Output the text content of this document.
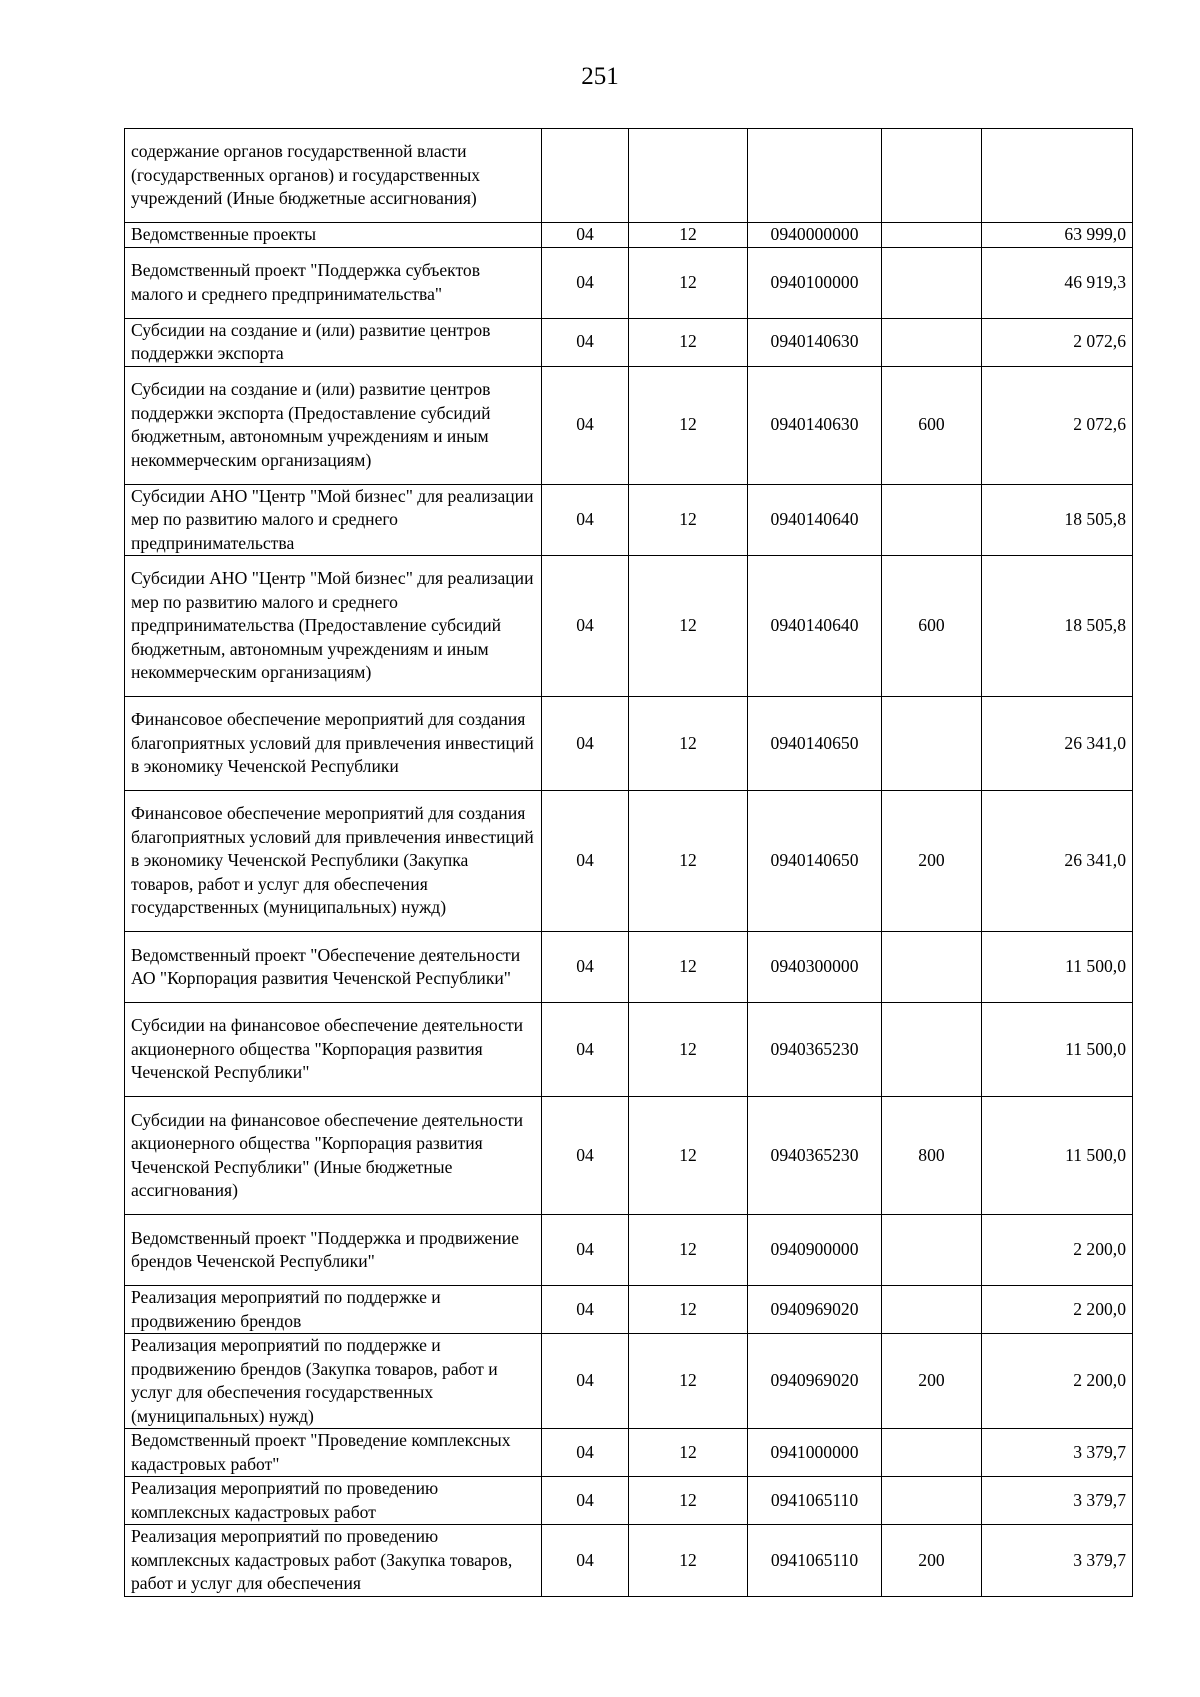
251
содержание органов государственной власти (государственных органов) и государственных учреждений (Иные бюджетные ассигнования)					
Ведомственные проекты	04	12	0940000000		63 999,0
Ведомственный проект "Поддержка субъектов малого и среднего предпринимательства"	04	12	0940100000		46 919,3
Субсидии на создание и (или) развитие центров поддержки экспорта	04	12	0940140630		2 072,6
Субсидии на создание и (или) развитие центров поддержки экспорта (Предоставление субсидий бюджетным, автономным учреждениям и иным некоммерческим организациям)	04	12	0940140630	600	2 072,6
Субсидии АНО "Центр "Мой бизнес" для реализации мер по развитию малого и среднего предпринимательства	04	12	0940140640		18 505,8
Субсидии АНО "Центр "Мой бизнес" для реализации мер по развитию малого и среднего предпринимательства (Предоставление субсидий бюджетным, автономным учреждениям и иным некоммерческим организациям)	04	12	0940140640	600	18 505,8
Финансовое обеспечение мероприятий для создания благоприятных условий для привлечения инвестиций в экономику Чеченской Республики	04	12	0940140650		26 341,0
Финансовое обеспечение мероприятий для создания благоприятных условий для привлечения инвестиций в экономику Чеченской Республики (Закупка товаров, работ и услуг для обеспечения государственных (муниципальных) нужд)	04	12	0940140650	200	26 341,0
Ведомственный проект "Обеспечение деятельности АО "Корпорация развития Чеченской Республики"	04	12	0940300000		11 500,0
Субсидии на финансовое обеспечение деятельности акционерного общества "Корпорация развития Чеченской Республики"	04	12	0940365230		11 500,0
Субсидии на финансовое обеспечение деятельности акционерного общества "Корпорация развития Чеченской Республики" (Иные бюджетные ассигнования)	04	12	0940365230	800	11 500,0
Ведомственный проект "Поддержка и продвижение брендов Чеченской Республики"	04	12	0940900000		2 200,0
Реализация мероприятий по поддержке и продвижению брендов	04	12	0940969020		2 200,0
Реализация мероприятий по поддержке и продвижению брендов (Закупка товаров, работ и услуг для обеспечения государственных (муниципальных) нужд)	04	12	0940969020	200	2 200,0
Ведомственный проект "Проведение комплексных кадастровых работ"	04	12	0941000000		3 379,7
Реализация мероприятий по проведению комплексных кадастровых работ	04	12	0941065110		3 379,7
Реализация мероприятий по проведению комплексных кадастровых работ (Закупка товаров, работ и услуг для обеспечения	04	12	0941065110	200	3 379,7
